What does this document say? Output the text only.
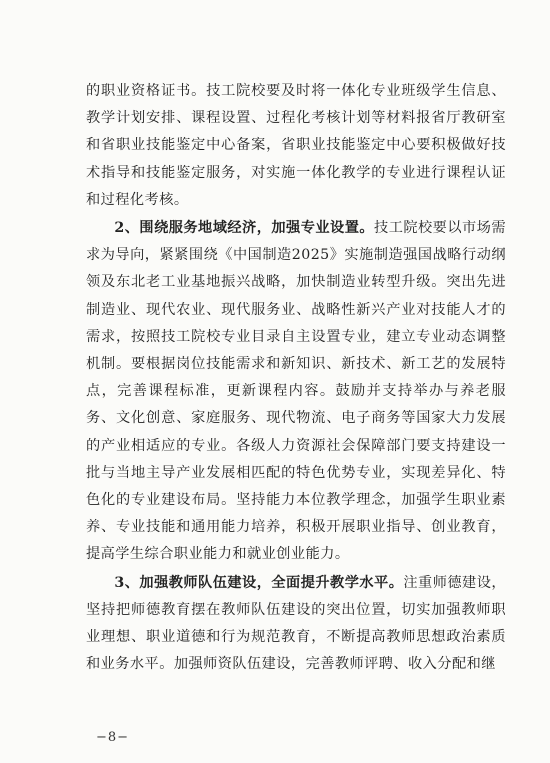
的职业资格证书。技工院校要及时将一体化专业班级学生信息、教学计划安排、课程设置、过程化考核计划等材料报省厅教研室和省职业技能鉴定中心备案，省职业技能鉴定中心要积极做好技术指导和技能鉴定服务，对实施一体化教学的专业进行课程认证和过程化考核。

2、围绕服务地域经济，加强专业设置。技工院校要以市场需求为导向，紧紧围绕《中国制造2025》实施制造强国战略行动纲领及东北老工业基地振兴战略，加快制造业转型升级。突出先进制造业、现代农业、现代服务业、战略性新兴产业对技能人才的需求，按照技工院校专业目录自主设置专业，建立专业动态调整机制。要根据岗位技能需求和新知识、新技术、新工艺的发展特点，完善课程标准，更新课程内容。鼓励并支持举办与养老服务、文化创意、家庭服务、现代物流、电子商务等国家大力发展的产业相适应的专业。各级人力资源社会保障部门要支持建设一批与当地主导产业发展相匹配的特色优势专业，实现差异化、特色化的专业建设布局。坚持能力本位教学理念，加强学生职业素养、专业技能和通用能力培养，积极开展职业指导、创业教育，提高学生综合职业能力和就业创业能力。

3、加强教师队伍建设，全面提升教学水平。注重师德建设，坚持把师德教育摆在教师队伍建设的突出位置，切实加强教师职业理想、职业道德和行为规范教育，不断提高教师思想政治素质和业务水平。加强师资队伍建设，完善教师评聘、收入分配和继

−8−
